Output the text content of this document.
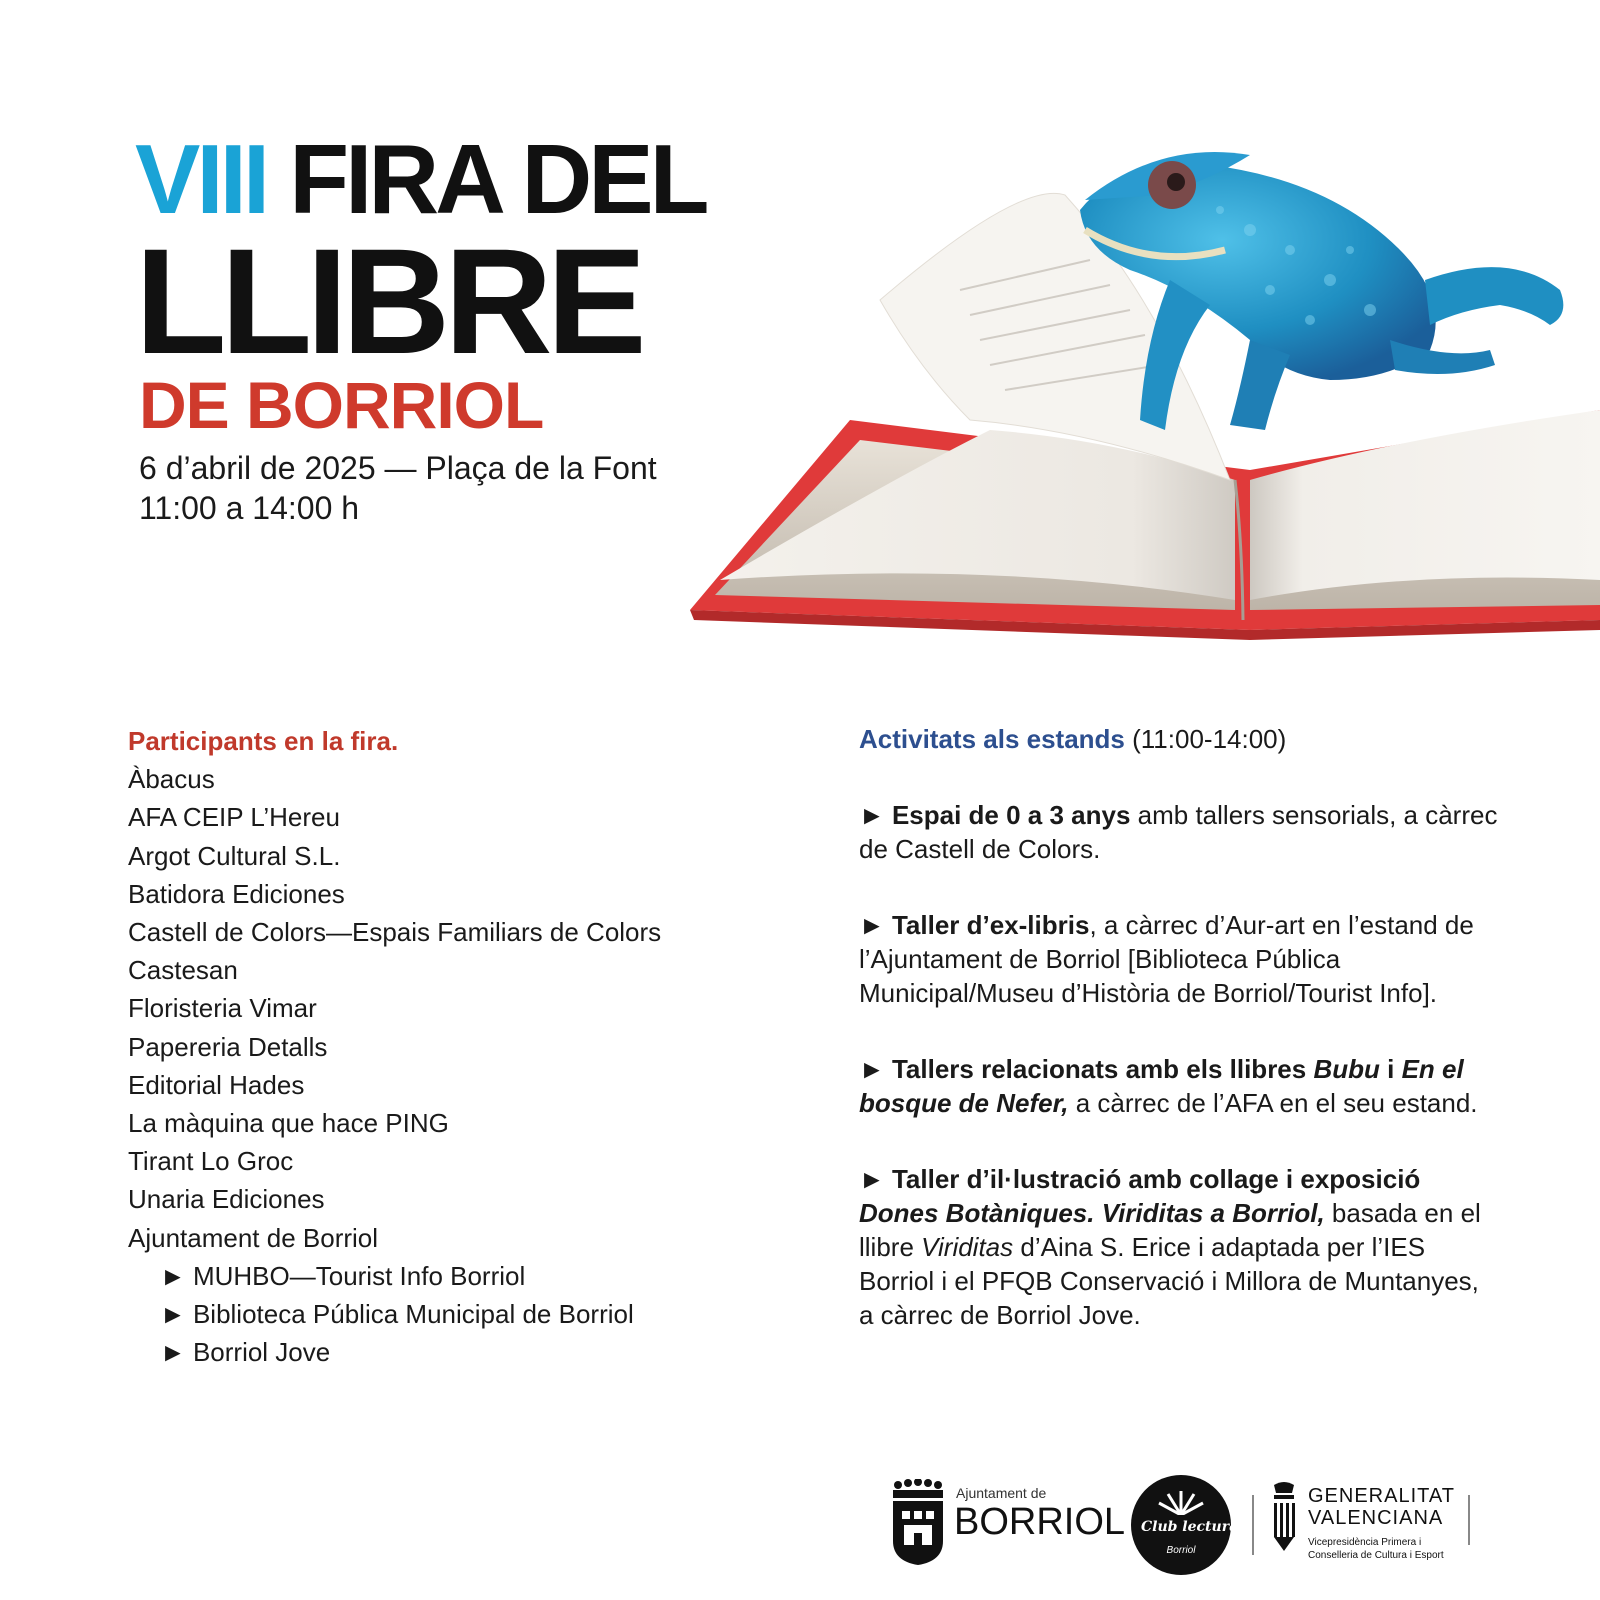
VIII FIRA DEL
LLIBRE
DE BORRIOL
6 d’abril de 2025 — Plaça de la Font
11:00 a 14:00 h
Participants en la fira.
Àbacus
AFA CEIP L’Hereu
Argot Cultural S.L.
Batidora Ediciones
Castell de Colors—Espais Familiars de Colors
Castesan
Floristeria Vimar
Papereria Detalls
Editorial Hades
La màquina que hace PING
Tirant Lo Groc
Unaria Ediciones
Ajuntament de Borriol
► MUHBO—Tourist Info Borriol
► Biblioteca Pública Municipal de Borriol
► Borriol Jove
Activitats als estands (11:00-14:00)
► Espai de 0 a 3 anys amb tallers sensorials, a càrrec de Castell de Colors.
► Taller d’ex-libris, a càrrec d’Aur-art en l’estand de l’Ajuntament de Borriol [Biblioteca Pública Municipal/Museu d’Història de Borriol/Tourist Info].
► Tallers relacionats amb els llibres Bubu i En el bosque de Nefer, a càrrec de l’AFA en el seu estand.
► Taller d’il·lustració amb collage i exposició Dones Botàniques. Viriditas a Borriol, basada en el llibre Viriditas d’Aina S. Erice i adaptada per l’IES Borriol i el PFQB Conservació i Millora de Muntanyes, a càrrec de Borriol Jove.
Ajuntament de
BORRIOL Club lectura
Borriol
GENERALITAT
VALENCIANA
Vicepresidència Primera i
Conselleria de Cultura i Esport
